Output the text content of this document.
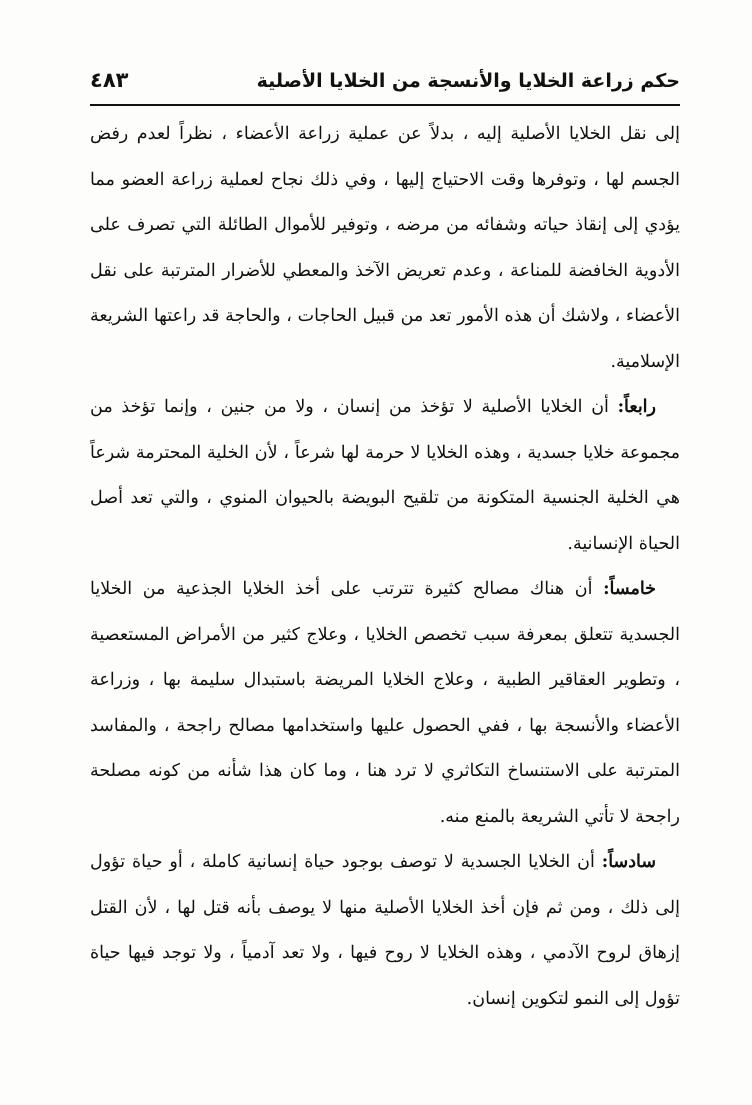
حكم زراعة الخلايا والأنسجة من الخلايا الأصلية
٤٨٣

إلى نقل الخلايا الأصلية إليه ، بدلاً عن عملية زراعة الأعضاء ، نظراً لعدم رفض الجسم لها ، وتوفرها وقت الاحتياج إليها ، وفي ذلك نجاح لعملية زراعة العضو مما يؤدي إلى إنقاذ حياته وشفائه من مرضه ، وتوفير للأموال الطائلة التي تصرف على الأدوية الخافضة للمناعة ، وعدم تعريض الآخذ والمعطي للأضرار المترتبة على نقل الأعضاء ، ولاشك أن هذه الأمور تعد من قبيل الحاجات ، والحاجة قد راعتها الشريعة الإسلامية.

رابعاً: أن الخلايا الأصلية لا تؤخذ من إنسان ، ولا من جنين ، وإنما تؤخذ من مجموعة خلايا جسدية ، وهذه الخلايا لا حرمة لها شرعاً ، لأن الخلية المحترمة شرعاً هي الخلية الجنسية المتكونة من تلقيح البويضة بالحيوان المنوي ، والتي تعد أصل الحياة الإنسانية.

خامساً: أن هناك مصالح كثيرة تترتب على أخذ الخلايا الجذعية من الخلايا الجسدية تتعلق بمعرفة سبب تخصص الخلايا ، وعلاج كثير من الأمراض المستعصية ، وتطوير العقاقير الطبية ، وعلاج الخلايا المريضة باستبدال سليمة بها ، وزراعة الأعضاء والأنسجة بها ، ففي الحصول عليها واستخدامها مصالح راجحة ، والمفاسد المترتبة على الاستنساخ التكاثري لا ترد هنا ، وما كان هذا شأنه من كونه مصلحة راجحة لا تأتي الشريعة بالمنع منه.

سادساً: أن الخلايا الجسدية لا توصف بوجود حياة إنسانية كاملة ، أو حياة تؤول إلى ذلك ، ومن ثم فإن أخذ الخلايا الأصلية منها لا يوصف بأنه قتل لها ، لأن القتل إزهاق لروح الآدمي ، وهذه الخلايا لا روح فيها ، ولا تعد آدمياً ، ولا توجد فيها حياة تؤول إلى النمو لتكوين إنسان.
